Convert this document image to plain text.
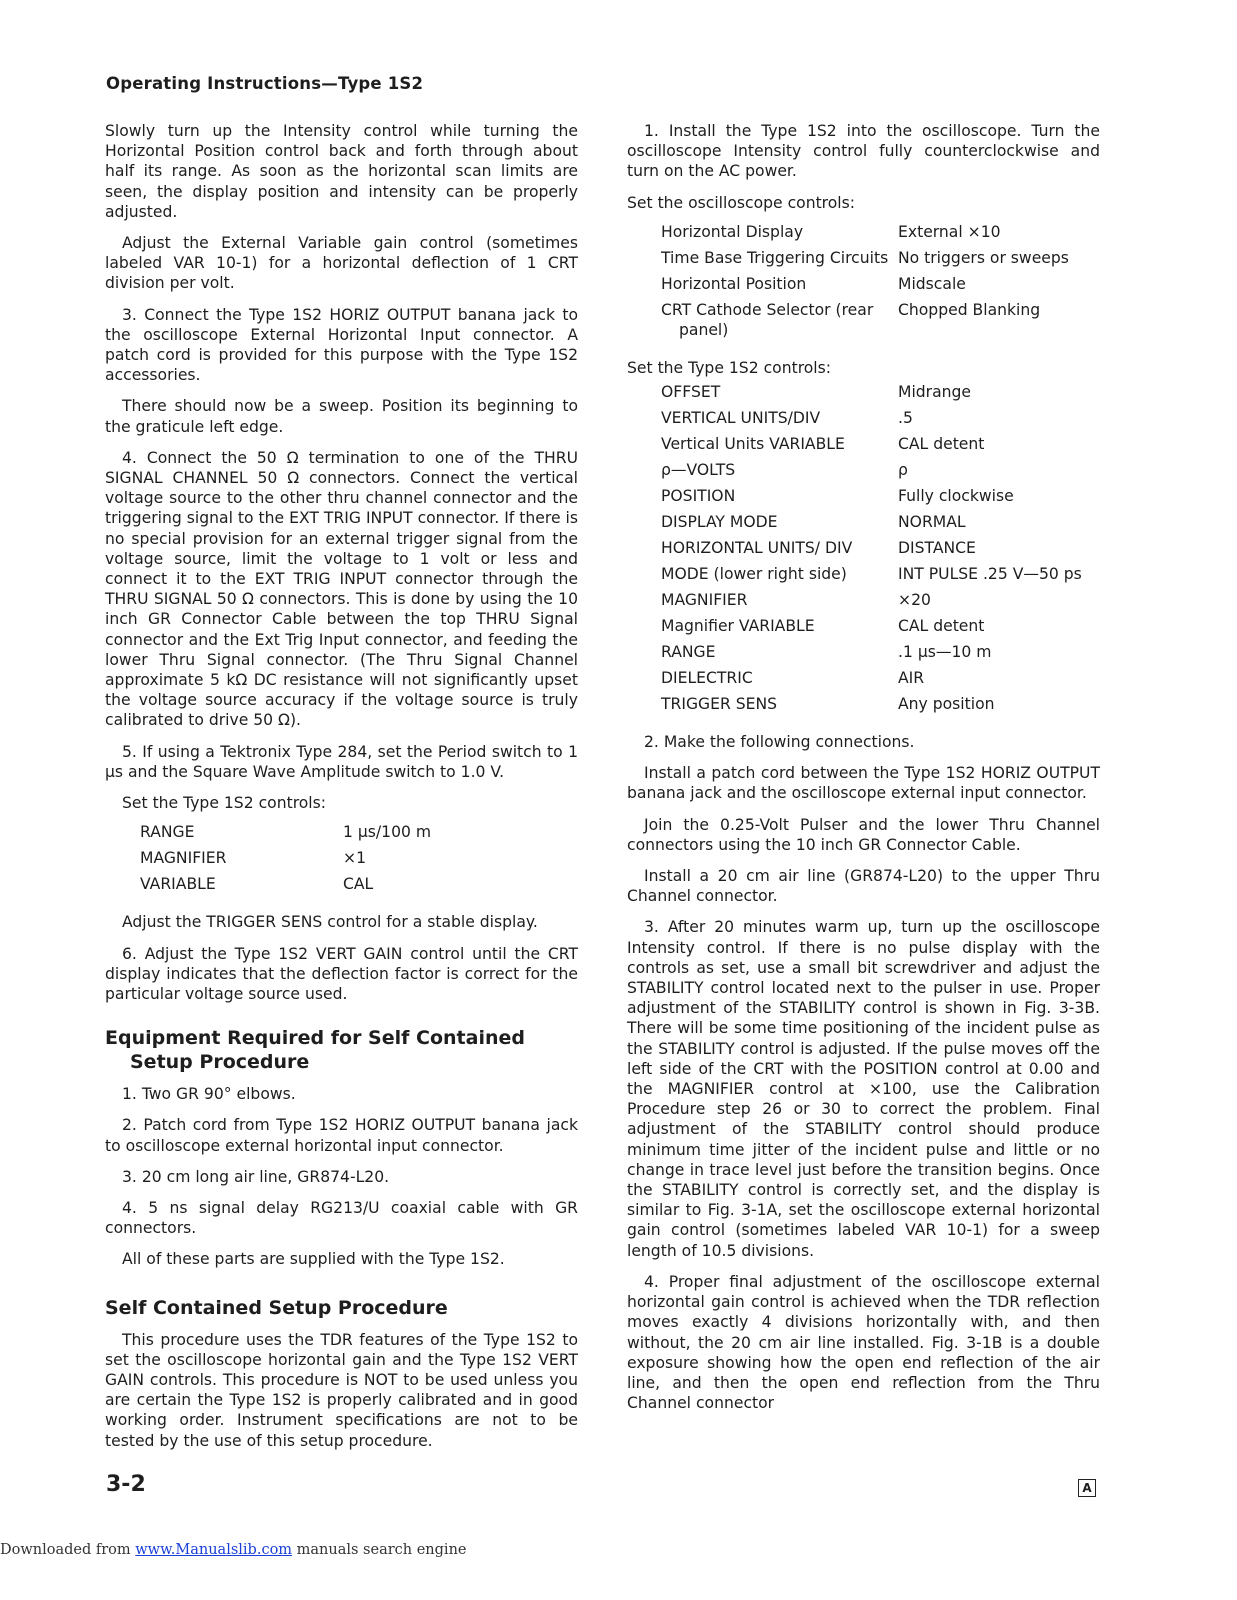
Operating Instructions—Type 1S2

Slowly turn up the Intensity control while turning the Horizontal Position control back and forth through about half its range. As soon as the horizontal scan limits are seen, the display position and intensity can be properly adjusted.

Adjust the External Variable gain control (sometimes labeled VAR 10-1) for a horizontal deflection of 1 CRT division per volt.

3. Connect the Type 1S2 HORIZ OUTPUT banana jack to the oscilloscope External Horizontal Input connector. A patch cord is provided for this purpose with the Type 1S2 accessories.

There should now be a sweep. Position its beginning to the graticule left edge.

4. Connect the 50 Ω termination to one of the THRU SIGNAL CHANNEL 50 Ω connectors. Connect the vertical voltage source to the other thru channel connector and the triggering signal to the EXT TRIG INPUT connector. If there is no special provision for an external trigger signal from the voltage source, limit the voltage to 1 volt or less and connect it to the EXT TRIG INPUT connector through the THRU SIGNAL 50 Ω connectors. This is done by using the 10 inch GR Connector Cable between the top THRU Signal connector and the Ext Trig Input connector, and feeding the lower Thru Signal connector. (The Thru Signal Channel approximate 5 kΩ DC resistance will not significantly upset the voltage source accuracy if the voltage source is truly calibrated to drive 50 Ω).

5. If using a Tektronix Type 284, set the Period switch to 1 μs and the Square Wave Amplitude switch to 1.0 V.

Set the Type 1S2 controls:
RANGE	1 μs/100 m
MAGNIFIER	×1
VARIABLE	CAL

Adjust the TRIGGER SENS control for a stable display.

6. Adjust the Type 1S2 VERT GAIN control until the CRT display indicates that the deflection factor is correct for the particular voltage source used.

Equipment Required for Self Contained Setup Procedure

1. Two GR 90° elbows.

2. Patch cord from Type 1S2 HORIZ OUTPUT banana jack to oscilloscope external horizontal input connector.

3. 20 cm long air line, GR874-L20.

4. 5 ns signal delay RG213/U coaxial cable with GR connectors.

All of these parts are supplied with the Type 1S2.

Self Contained Setup Procedure

This procedure uses the TDR features of the Type 1S2 to set the oscilloscope horizontal gain and the Type 1S2 VERT GAIN controls. This procedure is NOT to be used unless you are certain the Type 1S2 is properly calibrated and in good working order. Instrument specifications are not to be tested by the use of this setup procedure.

1. Install the Type 1S2 into the oscilloscope. Turn the oscilloscope Intensity control fully counterclockwise and turn on the AC power.

Set the oscilloscope controls:
Horizontal Display	External ×10
Time Base Triggering Circuits	No triggers or sweeps
Horizontal Position	Midscale
CRT Cathode Selector (rear panel)	Chopped Blanking
Set the Type 1S2 controls:
OFFSET	Midrange
VERTICAL UNITS/DIV	.5
Vertical Units VARIABLE	CAL detent
ρ—VOLTS	ρ
POSITION	Fully clockwise
DISPLAY MODE	NORMAL
HORIZONTAL UNITS/ DIV	DISTANCE
MODE (lower right side)	INT PULSE .25 V—50 ps
MAGNIFIER	×20
Magnifier VARIABLE	CAL detent
RANGE	.1 μs—10 m
DIELECTRIC	AIR
TRIGGER SENS	Any position

2. Make the following connections.

Install a patch cord between the Type 1S2 HORIZ OUTPUT banana jack and the oscilloscope external input connector.

Join the 0.25-Volt Pulser and the lower Thru Channel connectors using the 10 inch GR Connector Cable.

Install a 20 cm air line (GR874-L20) to the upper Thru Channel connector.

3. After 20 minutes warm up, turn up the oscilloscope Intensity control. If there is no pulse display with the controls as set, use a small bit screwdriver and adjust the STABILITY control located next to the pulser in use. Proper adjustment of the STABILITY control is shown in Fig. 3-3B. There will be some time positioning of the incident pulse as the STABILITY control is adjusted. If the pulse moves off the left side of the CRT with the POSITION control at 0.00 and the MAGNIFIER control at ×100, use the Calibration Procedure step 26 or 30 to correct the problem. Final adjustment of the STABILITY control should produce minimum time jitter of the incident pulse and little or no change in trace level just before the transition begins. Once the STABILITY control is correctly set, and the display is similar to Fig. 3-1A, set the oscilloscope external horizontal gain control (sometimes labeled VAR 10-1) for a sweep length of 10.5 divisions.

4. Proper final adjustment of the oscilloscope external horizontal gain control is achieved when the TDR reflection moves exactly 4 divisions horizontally with, and then without, the 20 cm air line installed. Fig. 3-1B is a double exposure showing how the open end reflection of the air line, and then the open end reflection from the Thru Channel connector

3-2	A
Downloaded from www.Manualslib.com manuals search engine
